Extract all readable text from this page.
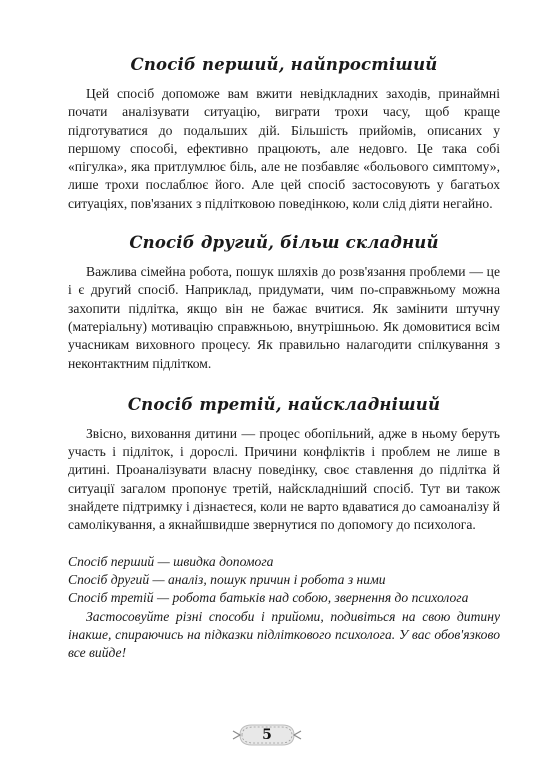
Спосіб перший, найпростіший

Цей спосіб допоможе вам вжити невідкладних заходів, принаймні почати аналізувати ситуацію, виграти трохи часу, щоб краще підготуватися до подальших дій. Більшість прийомів, описаних у першому способі, ефективно працюють, але недовго. Це така собі «пігулка», яка притлумлює біль, але не позбавляє «больового симптому», лише трохи послаблює його. Але цей спосіб застосовують у багатьох ситуаціях, пов'язаних з підлітковою поведінкою, коли слід діяти негайно.

Спосіб другий, більш складний

Важлива сімейна робота, пошук шляхів до розв'язання проблеми — це і є другий спосіб. Наприклад, придумати, чим по-справжньому можна захопити підлітка, якщо він не бажає вчитися. Як замінити штучну (матеріальну) мотивацію справжньою, внутрішньою. Як домовитися всім учасникам виховного процесу. Як правильно налагодити спілкування з неконтактним підлітком.

Спосіб третій, найскладніший

Звісно, виховання дитини — процес обопільний, адже в ньому беруть участь і підліток, і дорослі. Причини конфліктів і проблем не лише в дитині. Проаналізувати власну поведінку, своє ставлення до підлітка й ситуації загалом пропонує третій, найскладніший спосіб. Тут ви також знайдете підтримку і дізнаєтеся, коли не варто вдаватися до самоаналізу й самолікування, а якнайшвидше звернутися по допомогу до психолога.

Спосіб перший — швидка допомога
Спосіб другий — аналіз, пошук причин і робота з ними
Спосіб третій — робота батьків над собою, звернення до психолога

Застосовуйте різні способи і прийоми, подивіться на свою дитину інакше, спираючись на підказки підліткового психолога. У вас обов'язково все вийде!

5
